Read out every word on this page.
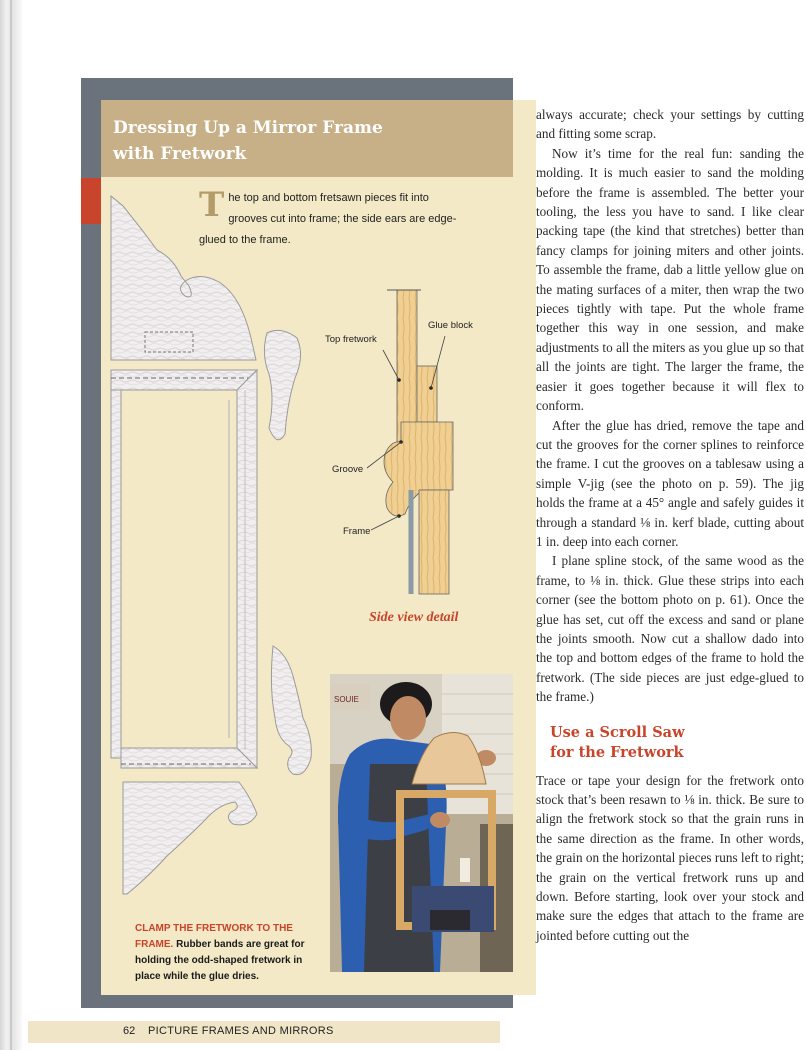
Dressing Up a Mirror Frame
with Fretwork

The top and bottom fretsawn pieces fit into grooves cut into frame; the side ears are edge-glued to the frame.

Top fretwork
Glue block
Groove
Frame
Side view detail
SOUIE

CLAMP THE FRETWORK TO THE FRAME. Rubber bands are great for holding the odd-shaped fretwork in place while the glue dries.

always accurate; check your settings by cutting and fitting some scrap.

Now it’s time for the real fun: sanding the molding. It is much easier to sand the molding before the frame is assembled. The better your tooling, the less you have to sand. I like clear packing tape (the kind that stretches) better than fancy clamps for joining miters and other joints. To assemble the frame, dab a little yellow glue on the mating surfaces of a miter, then wrap the two pieces tightly with tape. Put the whole frame together this way in one session, and make adjustments to all the miters as you glue up so that all the joints are tight. The larger the frame, the easier it goes together because it will flex to conform.

After the glue has dried, remove the tape and cut the grooves for the corner splines to reinforce the frame. I cut the grooves on a tablesaw using a simple V-jig (see the photo on p. 59). The jig holds the frame at a 45° angle and safely guides it through a standard ⅛ in. kerf blade, cutting about 1 in. deep into each corner.

I plane spline stock, of the same wood as the frame, to ⅛ in. thick. Glue these strips into each corner (see the bottom photo on p. 61). Once the glue has set, cut off the excess and sand or plane the joints smooth. Now cut a shallow dado into the top and bottom edges of the frame to hold the fretwork. (The side pieces are just edge-glued to the frame.)

Use a Scroll Saw
for the Fretwork

Trace or tape your design for the fretwork onto stock that’s been resawn to ⅛ in. thick. Be sure to align the fretwork stock so that the grain runs in the same direction as the frame. In other words, the grain on the horizontal pieces runs left to right; the grain on the vertical fretwork runs up and down. Before starting, look over your stock and make sure the edges that attach to the frame are jointed before cutting out the

62 PICTURE FRAMES AND MIRRORS
